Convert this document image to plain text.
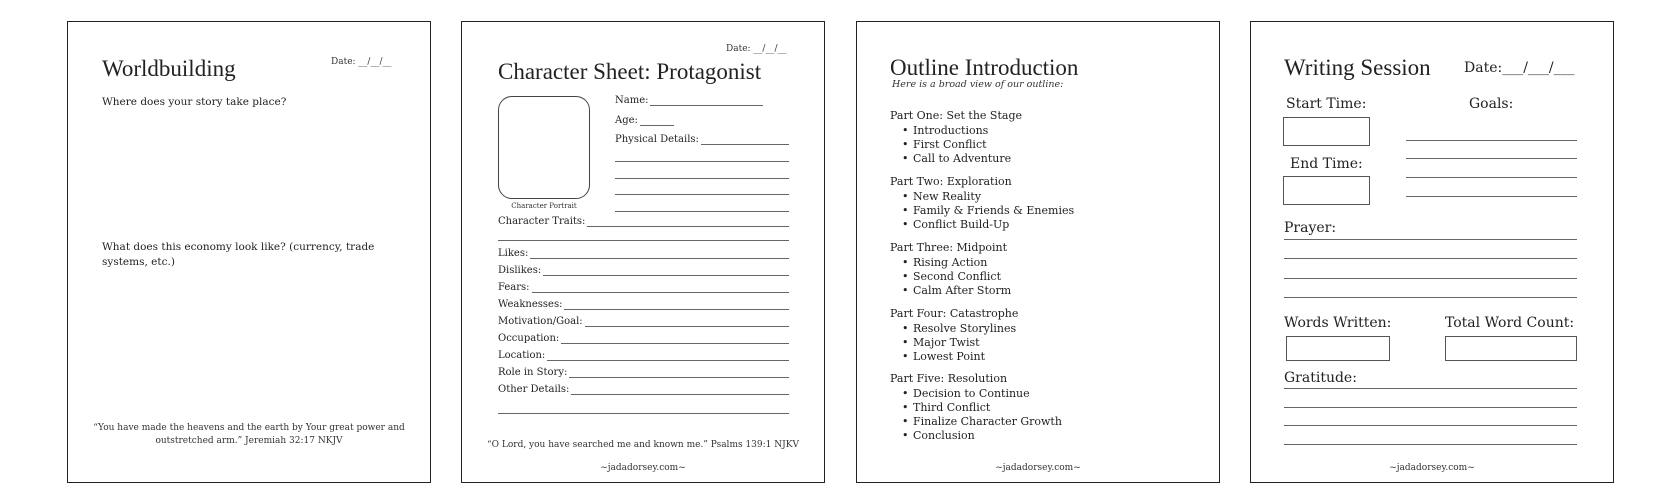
Worldbuilding	Date: __/__/__
Where does your story take place?
What does this economy look like? (currency, trade systems, etc.)
“You have made the heavens and the earth by Your great power and
outstretched arm.” Jeremiah 32:17 NKJV
Date: __/__/__
Character Sheet: Protagonist
Character Portrait
Name:
Age:
Physical Details:
Character Traits:
Likes:
Dislikes:
Fears:
Weaknesses:
Motivation/Goal:
Occupation:
Location:
Role in Story:
Other Details:
“O Lord, you have searched me and known me.” Psalms 139:1 NJKV
~jadadorsey.com~
Outline Introduction
Here is a broad view of our outline:
Part One: Set the Stage
• Introductions
• First Conflict
• Call to Adventure
Part Two: Exploration
• New Reality
• Family & Friends & Enemies
• Conflict Build-Up
Part Three: Midpoint
• Rising Action
• Second Conflict
• Calm After Storm
Part Four: Catastrophe
• Resolve Storylines
• Major Twist
• Lowest Point
Part Five: Resolution
• Decision to Continue
• Third Conflict
• Finalize Character Growth
• Conclusion
~jadadorsey.com~
Writing Session Date:___/___/___
Start Time:	Goals:
End Time:
Prayer:
Words Written:	Total Word Count:
Gratitude:
~jadadorsey.com~
